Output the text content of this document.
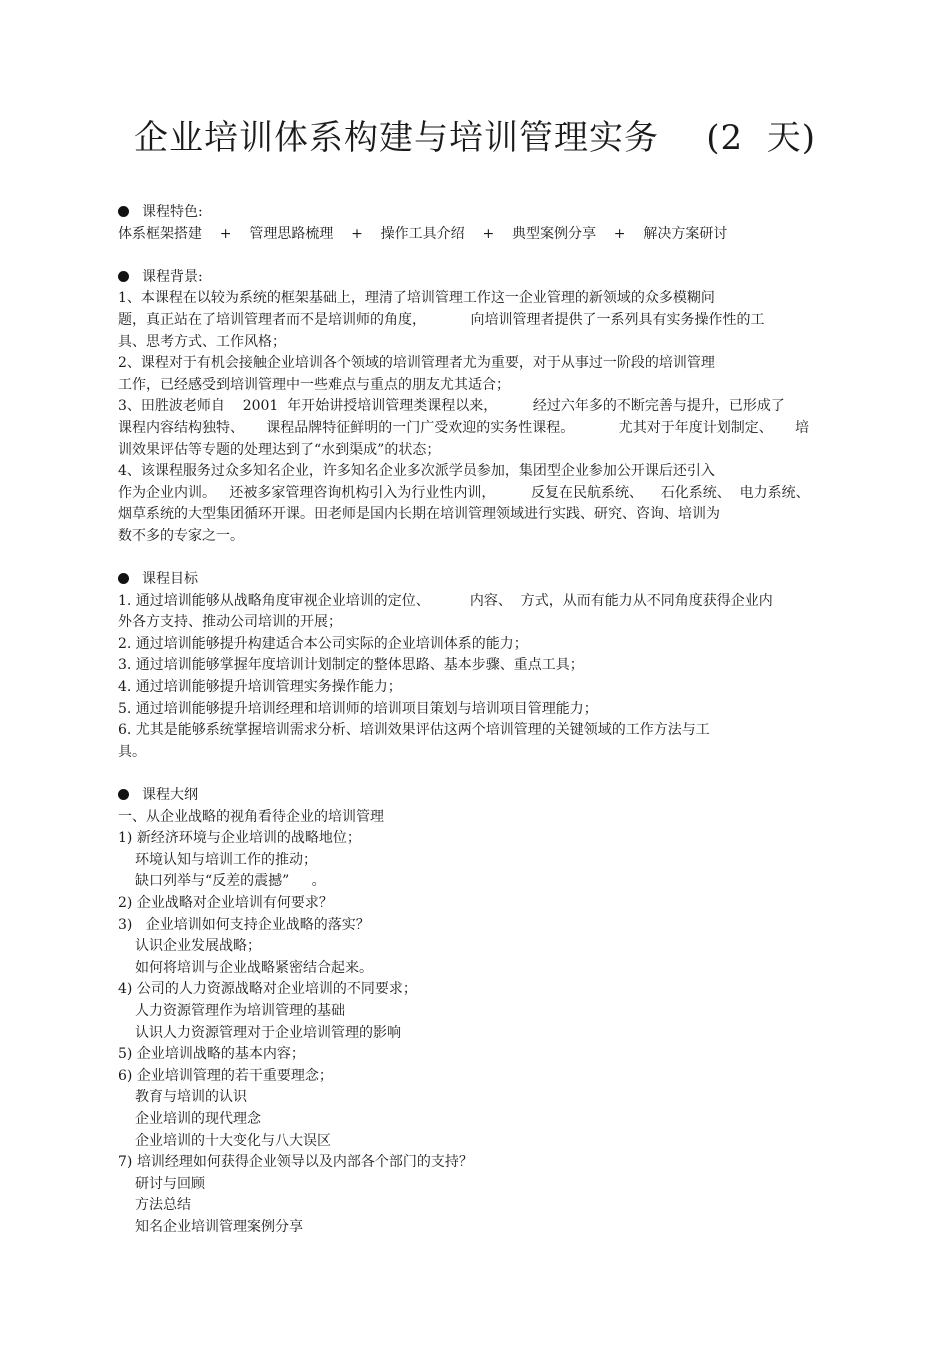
企业培训体系构建与培训管理实务    (2  天)
课程特色:
体系框架搭建    +    管理思路梳理    +    操作工具介绍    +    典型案例分享    +    解决方案研讨
课程背景:
1、本课程在以较为系统的框架基础上，理清了培训管理工作这一企业管理的新领域的众多模糊问
题，真正站在了培训管理者而不是培训师的角度，          向培训管理者提供了一系列具有实务操作性的工
具、思考方式、工作风格；
2、课程对于有机会接触企业培训各个领域的培训管理者尤为重要，对于从事过一阶段的培训管理
工作，已经感受到培训管理中一些难点与重点的朋友尤其适合；
3、田胜波老师自    2001  年开始讲授培训管理类课程以来，        经过六年多的不断完善与提升，已形成了
课程内容结构独特、     课程品牌特征鲜明的一门广受欢迎的实务性课程。          尤其对于年度计划制定、     培
训效果评估等专题的处理达到了“水到渠成”的状态；
4、该课程服务过众多知名企业，许多知名企业多次派学员参加，集团型企业参加公开课后还引入
作为企业内训。   还被多家管理咨询机构引入为行业性内训，        反复在民航系统、    石化系统、  电力系统、
烟草系统的大型集团循环开课。田老师是国内长期在培训管理领域进行实践、研究、咨询、培训为
数不多的专家之一。
课程目标
1. 通过培训能够从战略角度审视企业培训的定位、         内容、  方式，从而有能力从不同角度获得企业内
外各方支持、推动公司培训的开展；
2. 通过培训能够提升构建适合本公司实际的企业培训体系的能力；
3. 通过培训能够掌握年度培训计划制定的整体思路、基本步骤、重点工具；
4. 通过培训能够提升培训管理实务操作能力；
5. 通过培训能够提升培训经理和培训师的培训项目策划与培训项目管理能力；
6. 尤其是能够系统掌握培训需求分析、培训效果评估这两个培训管理的关键领域的工作方法与工
具。
课程大纲
一、从企业战略的视角看待企业的培训管理
1) 新经济环境与企业培训的战略地位；
环境认知与培训工作的推动；
缺口列举与“反差的震撼”     。
2) 企业战略对企业培训有何要求？
3)   企业培训如何支持企业战略的落实？
认识企业发展战略；
如何将培训与企业战略紧密结合起来。
4) 公司的人力资源战略对企业培训的不同要求；
人力资源管理作为培训管理的基础
认识人力资源管理对于企业培训管理的影响
5) 企业培训战略的基本内容；
6) 企业培训管理的若干重要理念；
教育与培训的认识
企业培训的现代理念
企业培训的十大变化与八大误区
7) 培训经理如何获得企业领导以及内部各个部门的支持？
研讨与回顾
方法总结
知名企业培训管理案例分享
